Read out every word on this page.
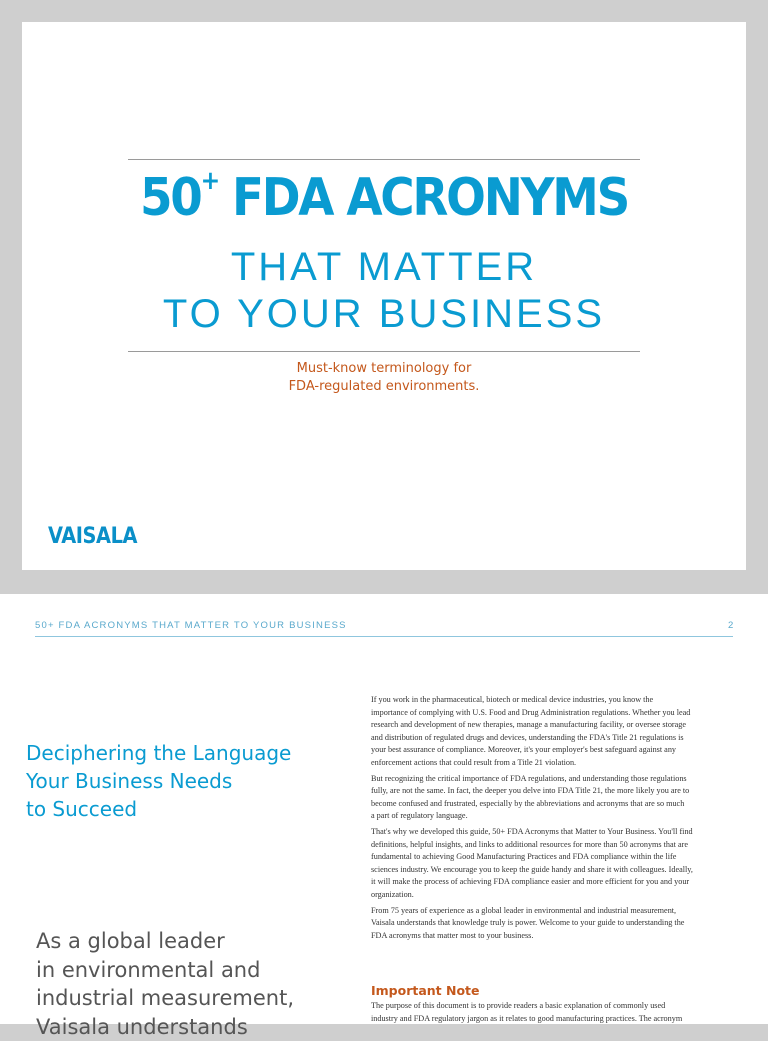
50+ FDA ACRONYMS
THAT MATTER
TO YOUR BUSINESS
Must-know terminology for
FDA-regulated environments.
VAISALA
50+ FDA ACRONYMS THAT MATTER TO YOUR BUSINESS	2
Deciphering the Language
Your Business Needs
to Succeed
As a global leader
in environmental and
industrial measurement,
Vaisala understands
If you work in the pharmaceutical, biotech or medical device industries, you know the
importance of complying with U.S. Food and Drug Administration regulations. Whether you lead
research and development of new therapies, manage a manufacturing facility, or oversee storage
and distribution of regulated drugs and devices, understanding the FDA's Title 21 regulations is
your best assurance of compliance. Moreover, it's your employer's best safeguard against any
enforcement actions that could result from a Title 21 violation.
But recognizing the critical importance of FDA regulations, and understanding those regulations
fully, are not the same. In fact, the deeper you delve into FDA Title 21, the more likely you are to
become confused and frustrated, especially by the abbreviations and acronyms that are so much
a part of regulatory language.
That's why we developed this guide, 50+ FDA Acronyms that Matter to Your Business. You'll find
definitions, helpful insights, and links to additional resources for more than 50 acronyms that are
fundamental to achieving Good Manufacturing Practices and FDA compliance within the life
sciences industry. We encourage you to keep the guide handy and share it with colleagues. Ideally,
it will make the process of achieving FDA compliance easier and more efficient for you and your
organization.
From 75 years of experience as a global leader in environmental and industrial measurement,
Vaisala understands that knowledge truly is power. Welcome to your guide to understanding the
FDA acronyms that matter most to your business.
Important Note
The purpose of this document is to provide readers a basic explanation of commonly used
industry and FDA regulatory jargon as it relates to good manufacturing practices. The acronym
